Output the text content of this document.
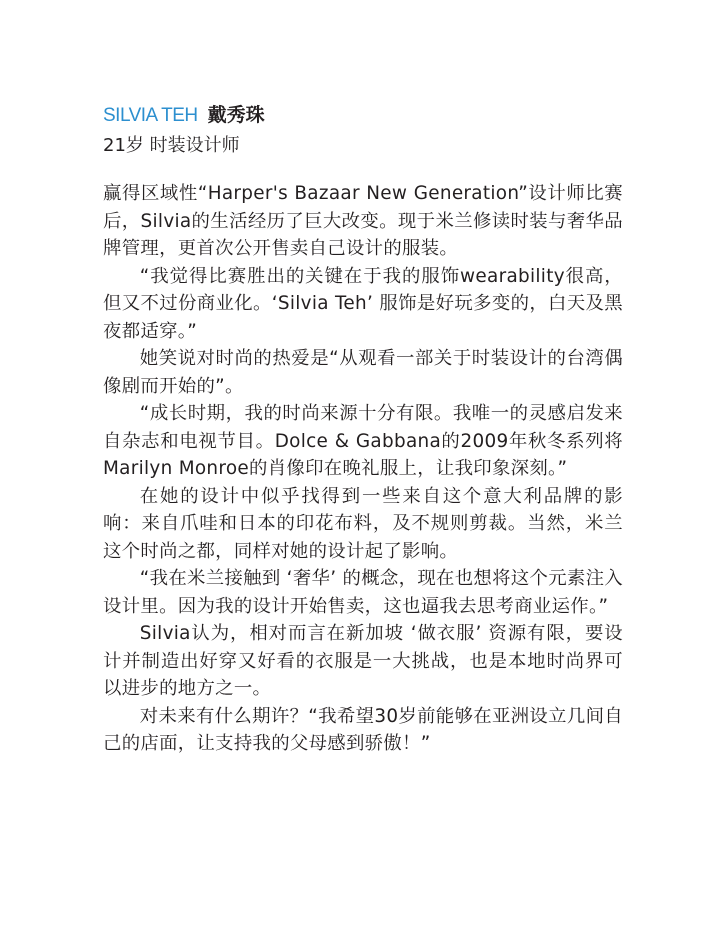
SILVIA TEH 戴秀珠
21岁 时装设计师

赢得区域性“Harper's Bazaar New Generation”设计师比赛后，Silvia的生活经历了巨大改变。现于米兰修读时装与奢华品牌管理，更首次公开售卖自己设计的服装。

“我觉得比赛胜出的关键在于我的服饰wearability很高，但又不过份商业化。‘Silvia Teh’ 服饰是好玩多变的，白天及黑夜都适穿。”

她笑说对时尚的热爱是“从观看一部关于时装设计的台湾偶像剧而开始的”。

“成长时期，我的时尚来源十分有限。我唯一的灵感启发来自杂志和电视节目。Dolce & Gabbana的2009年秋冬系列将Marilyn Monroe的肖像印在晚礼服上，让我印象深刻。”

在她的设计中似乎找得到一些来自这个意大利品牌的影响：来自爪哇和日本的印花布料，及不规则剪裁。当然，米兰这个时尚之都，同样对她的设计起了影响。

“我在米兰接触到 ‘奢华’ 的概念，现在也想将这个元素注入设计里。因为我的设计开始售卖，这也逼我去思考商业运作。”

Silvia认为，相对而言在新加坡 ‘做衣服’ 资源有限，要设计并制造出好穿又好看的衣服是一大挑战，也是本地时尚界可以进步的地方之一。

对未来有什么期许？“我希望30岁前能够在亚洲设立几间自己的店面，让支持我的父母感到骄傲！”
